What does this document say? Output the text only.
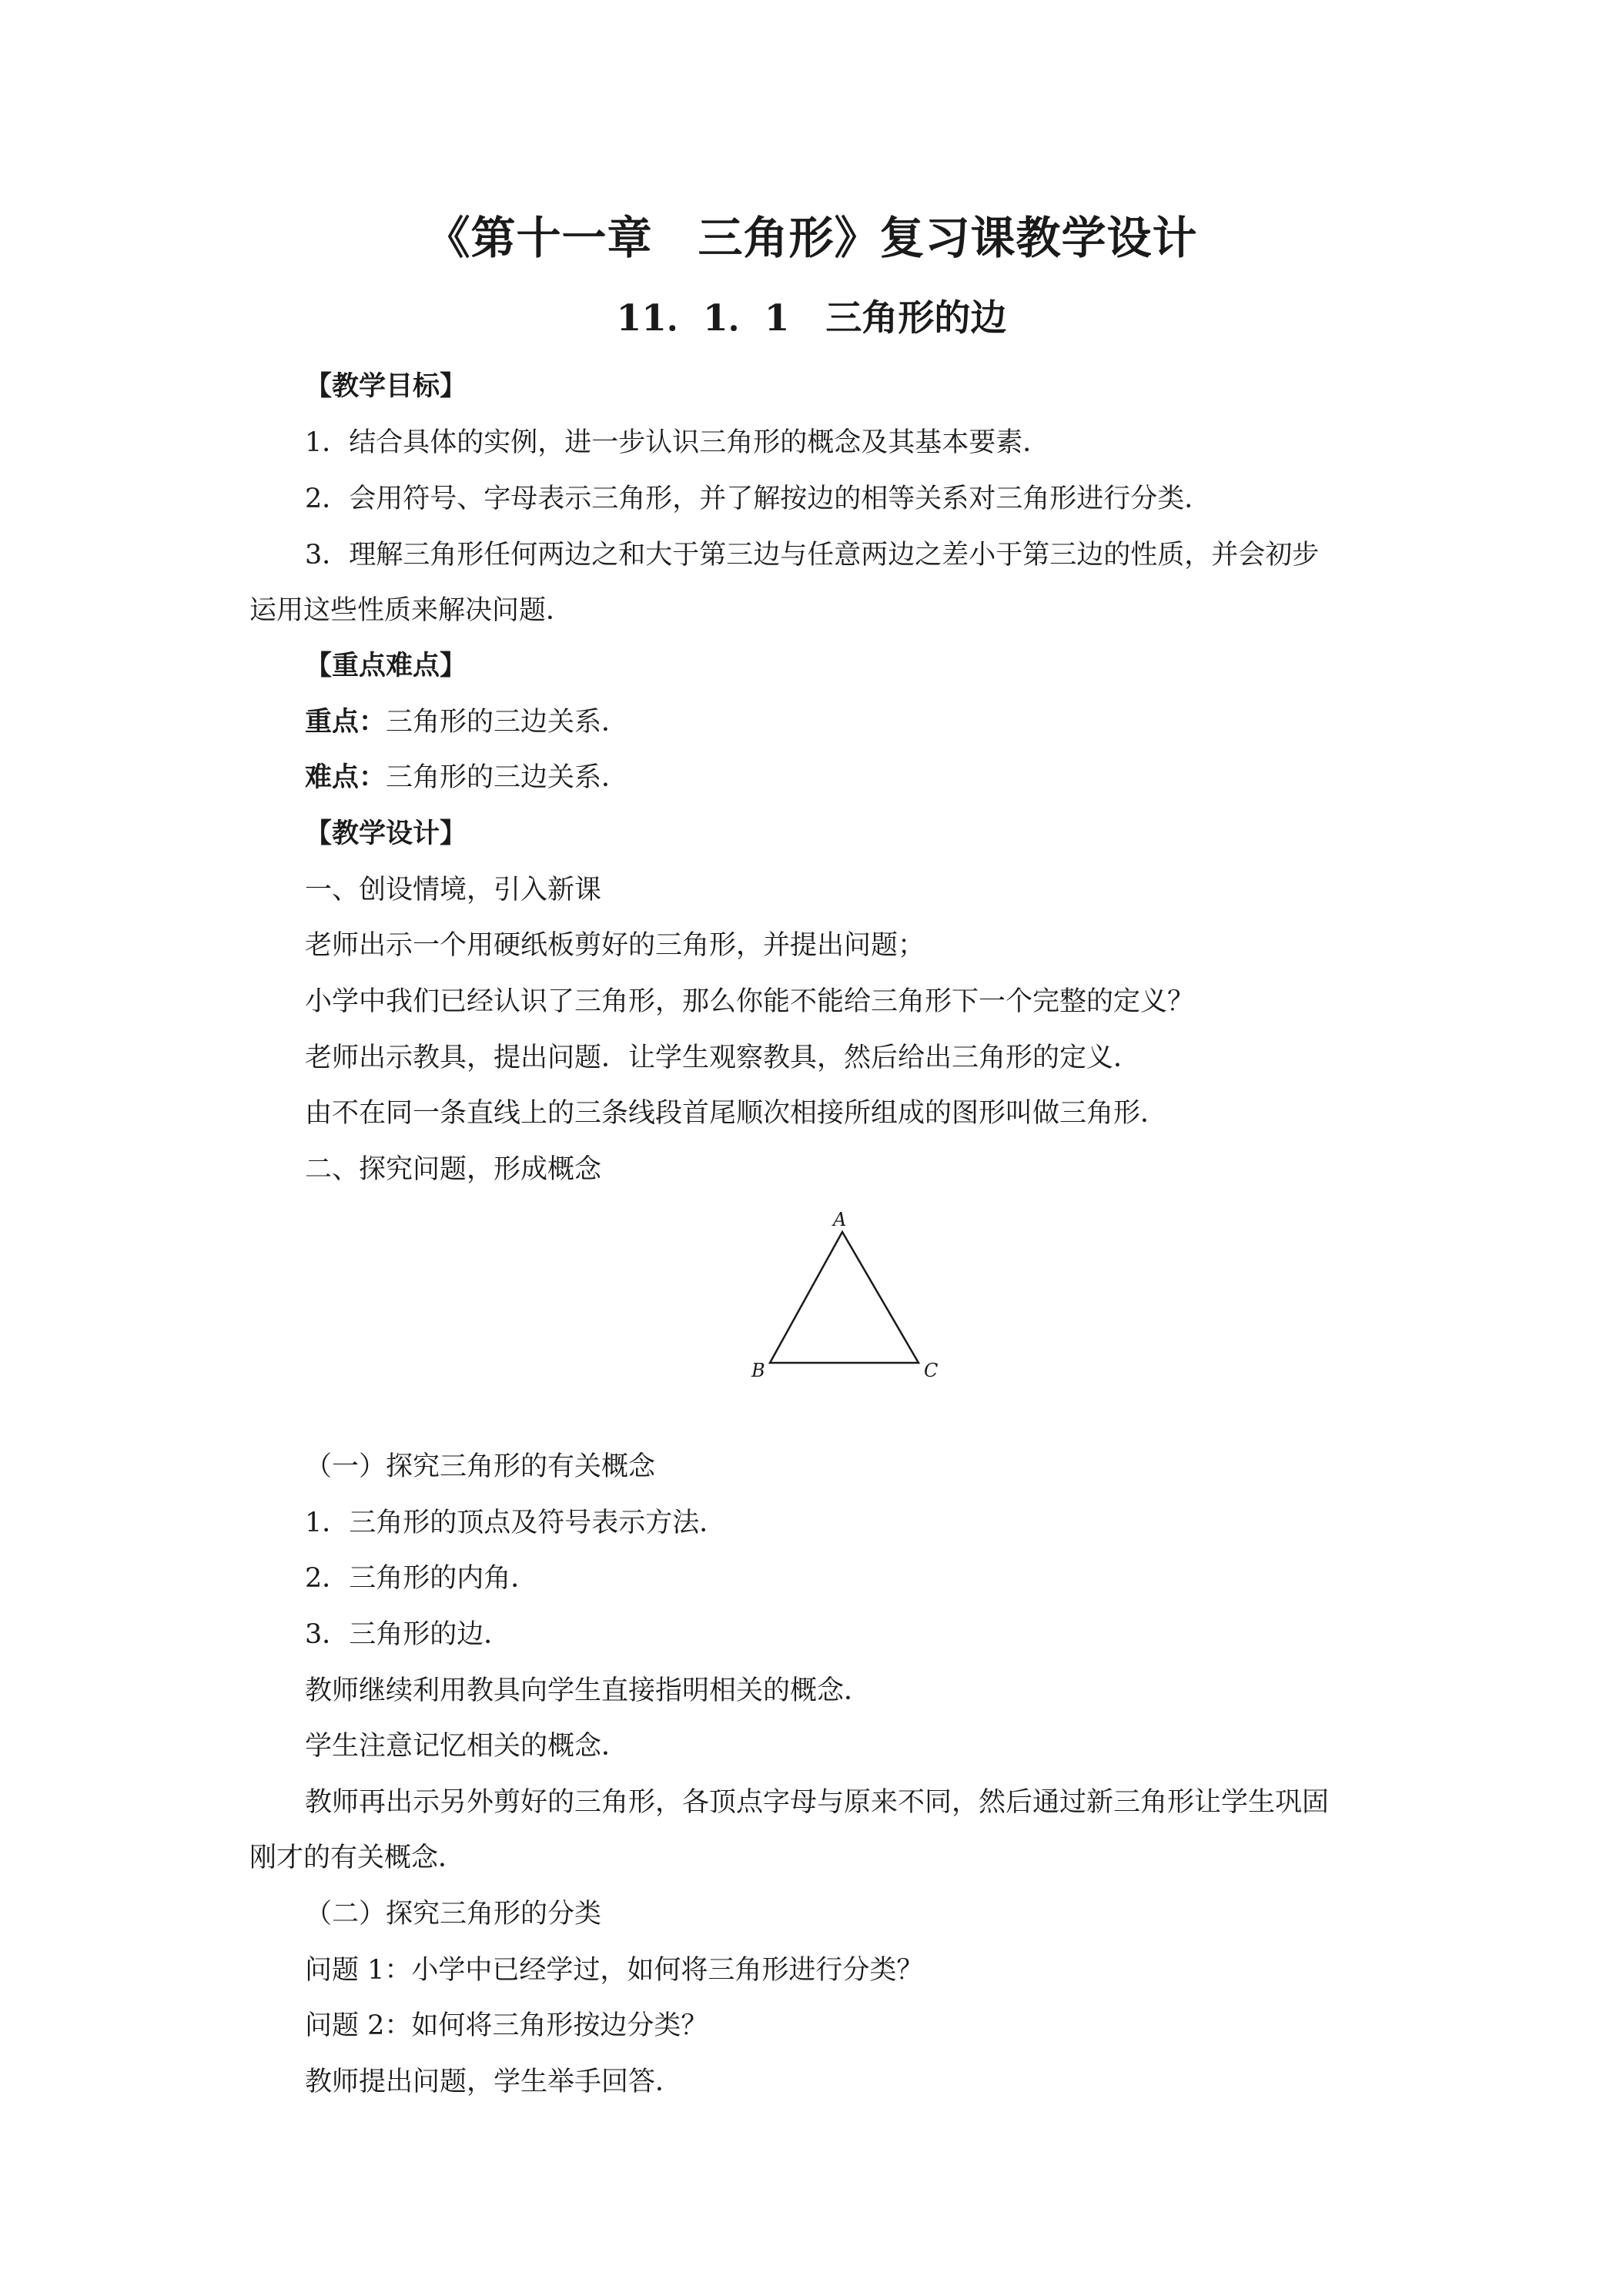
《第十一章　三角形》复习课教学设计
11．1．1　三角形的边
【教学目标】
1．结合具体的实例，进一步认识三角形的概念及其基本要素．
2．会用符号、字母表示三角形，并了解按边的相等关系对三角形进行分类．
3．理解三角形任何两边之和大于第三边与任意两边之差小于第三边的性质，并会初步
运用这些性质来解决问题．
【重点难点】
重点：三角形的三边关系．
难点：三角形的三边关系．
【教学设计】
一、创设情境，引入新课
老师出示一个用硬纸板剪好的三角形，并提出问题；
小学中我们已经认识了三角形，那么你能不能给三角形下一个完整的定义？
老师出示教具，提出问题．让学生观察教具，然后给出三角形的定义．
由不在同一条直线上的三条线段首尾顺次相接所组成的图形叫做三角形．
二、探究问题，形成概念
A
B	C
（一）探究三角形的有关概念
1．三角形的顶点及符号表示方法．
2．三角形的内角．
3．三角形的边．
教师继续利用教具向学生直接指明相关的概念．
学生注意记忆相关的概念．
教师再出示另外剪好的三角形，各顶点字母与原来不同，然后通过新三角形让学生巩固
刚才的有关概念．
（二）探究三角形的分类
问题 1：小学中已经学过，如何将三角形进行分类？
问题 2：如何将三角形按边分类？
教师提出问题，学生举手回答．
